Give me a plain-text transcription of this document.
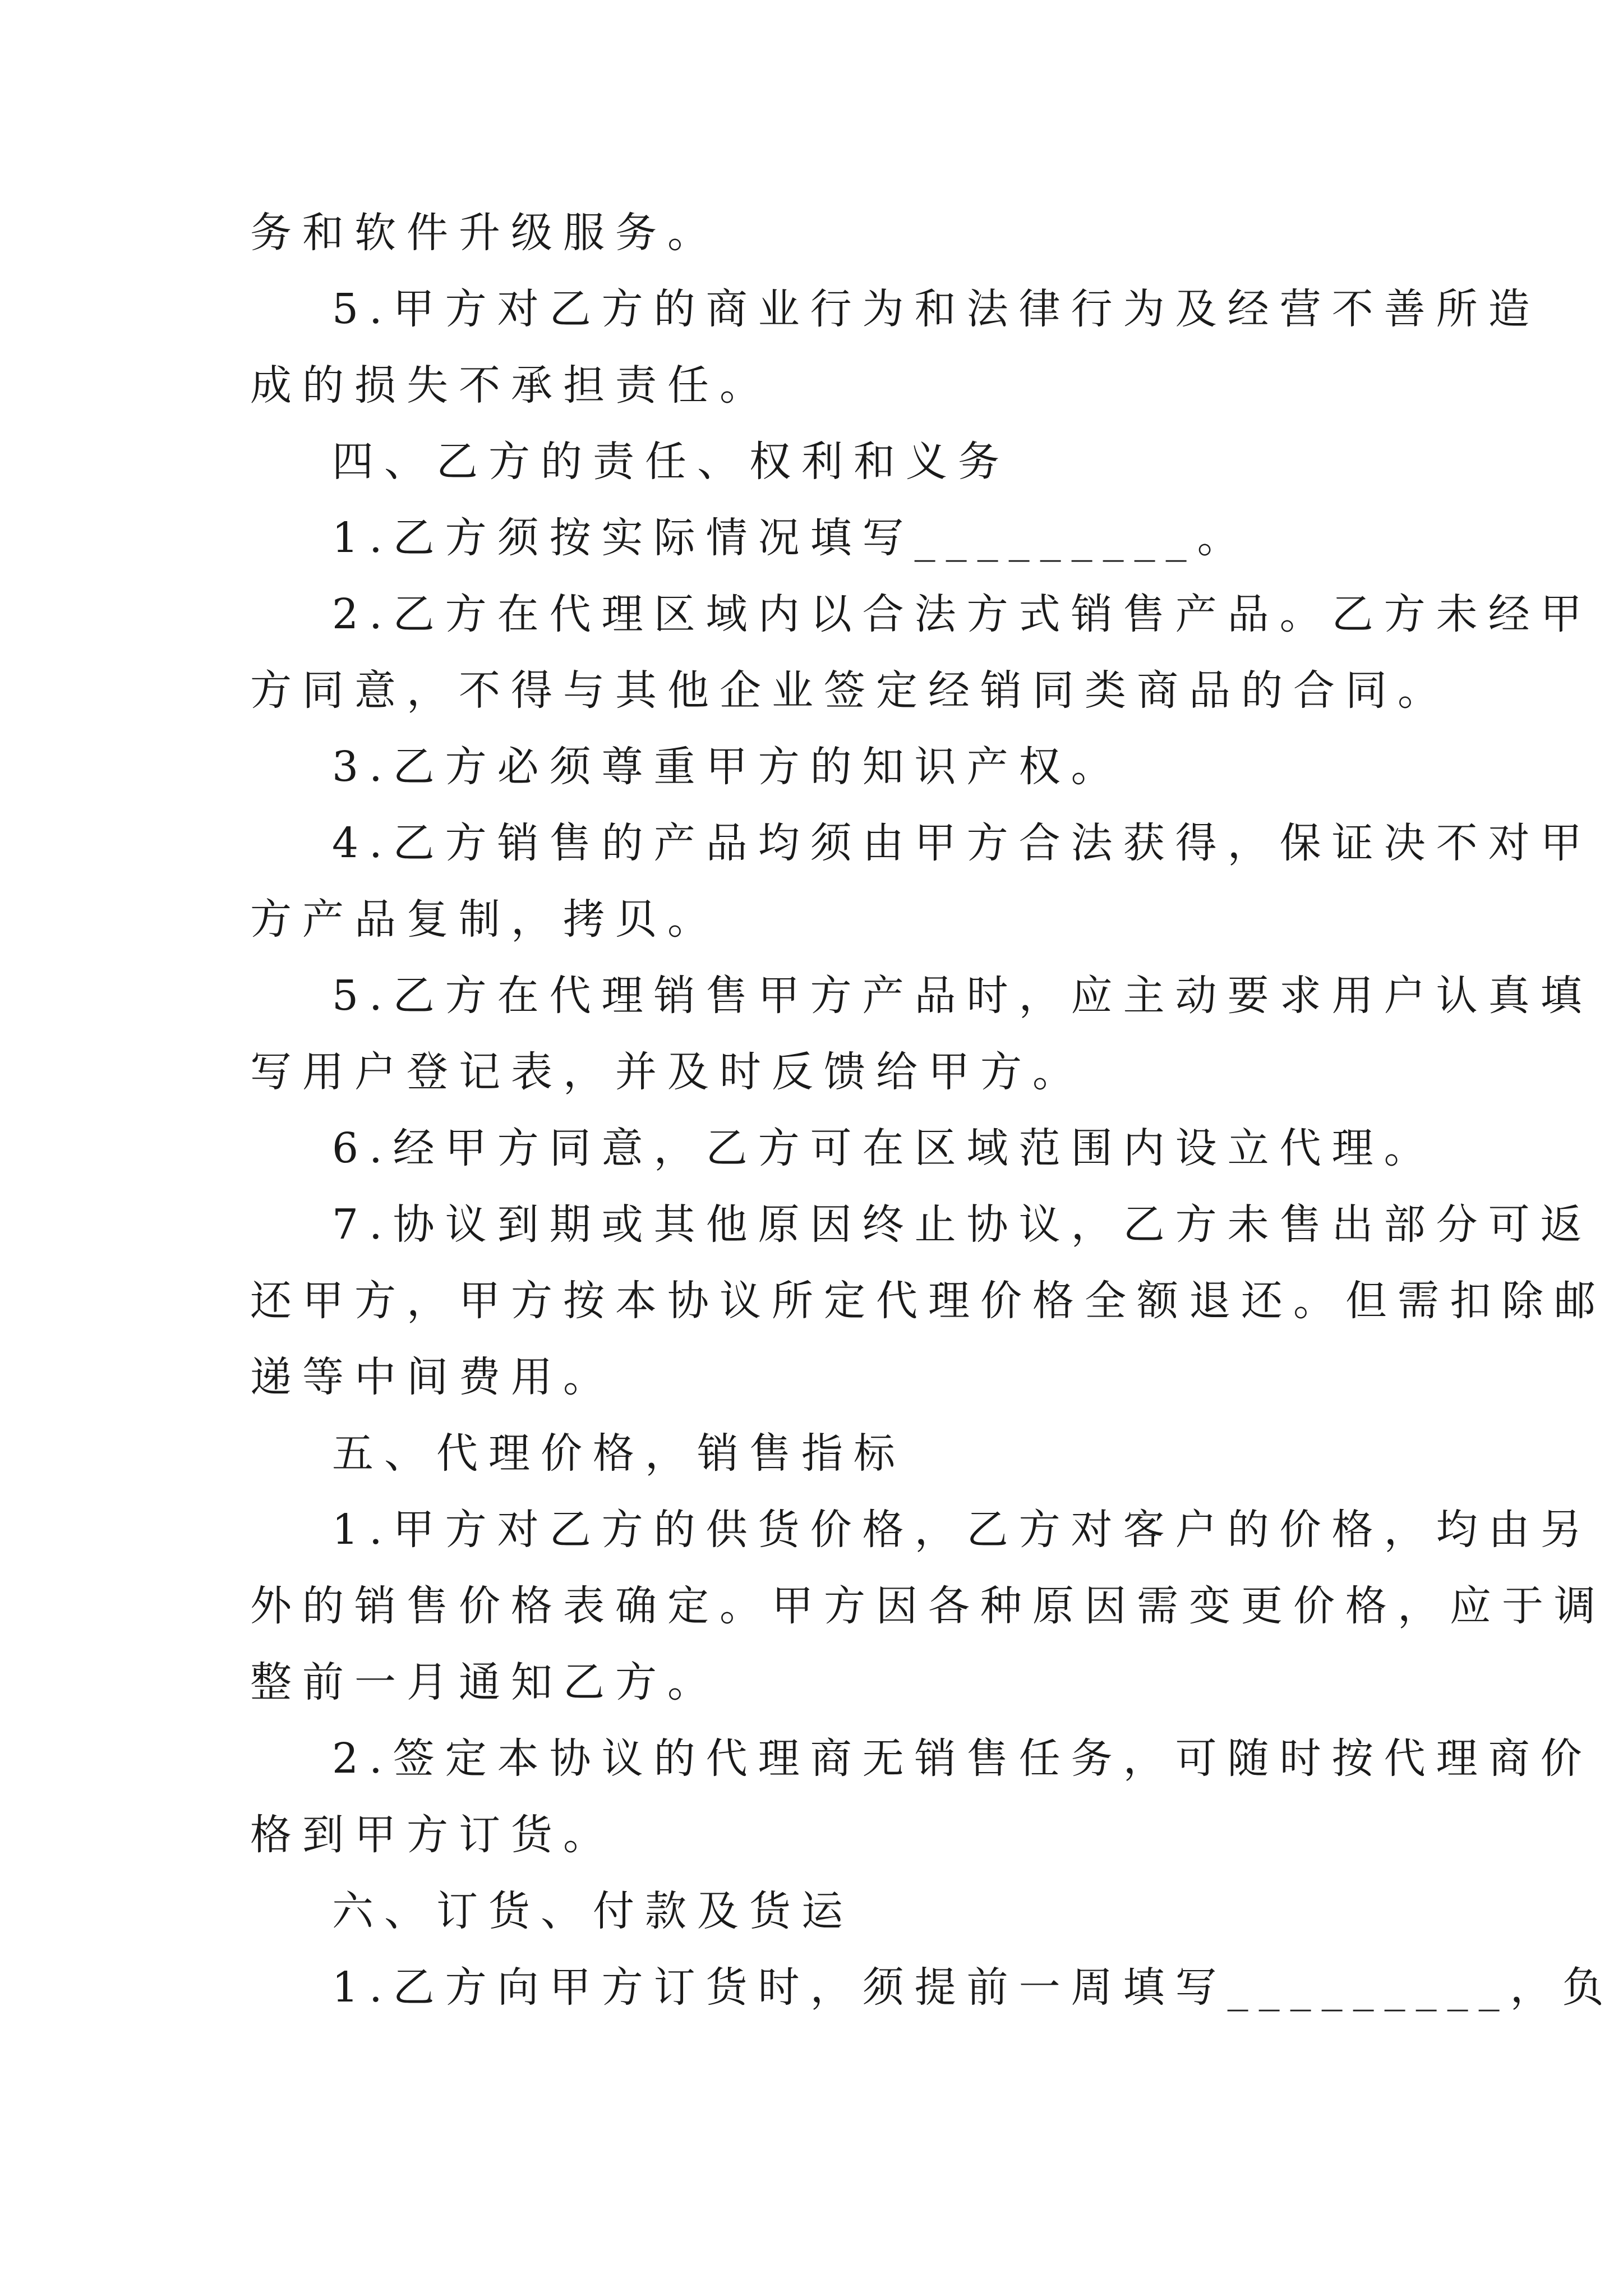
务和软件升级服务。
5.甲方对乙方的商业行为和法律行为及经营不善所造
成的损失不承担责任。
四、乙方的责任、权利和义务
1.乙方须按实际情况填写_________。
2.乙方在代理区域内以合法方式销售产品。乙方未经甲
方同意，不得与其他企业签定经销同类商品的合同。
3.乙方必须尊重甲方的知识产权。
4.乙方销售的产品均须由甲方合法获得，保证决不对甲
方产品复制，拷贝。
5.乙方在代理销售甲方产品时，应主动要求用户认真填
写用户登记表，并及时反馈给甲方。
6.经甲方同意，乙方可在区域范围内设立代理。
7.协议到期或其他原因终止协议，乙方未售出部分可返
还甲方，甲方按本协议所定代理价格全额退还。但需扣除邮
递等中间费用。
五、代理价格，销售指标
1.甲方对乙方的供货价格，乙方对客户的价格，均由另
外的销售价格表确定。甲方因各种原因需变更价格，应于调
整前一月通知乙方。
2.签定本协议的代理商无销售任务，可随时按代理商价
格到甲方订货。
六、订货、付款及货运
1.乙方向甲方订货时，须提前一周填写_________，负
